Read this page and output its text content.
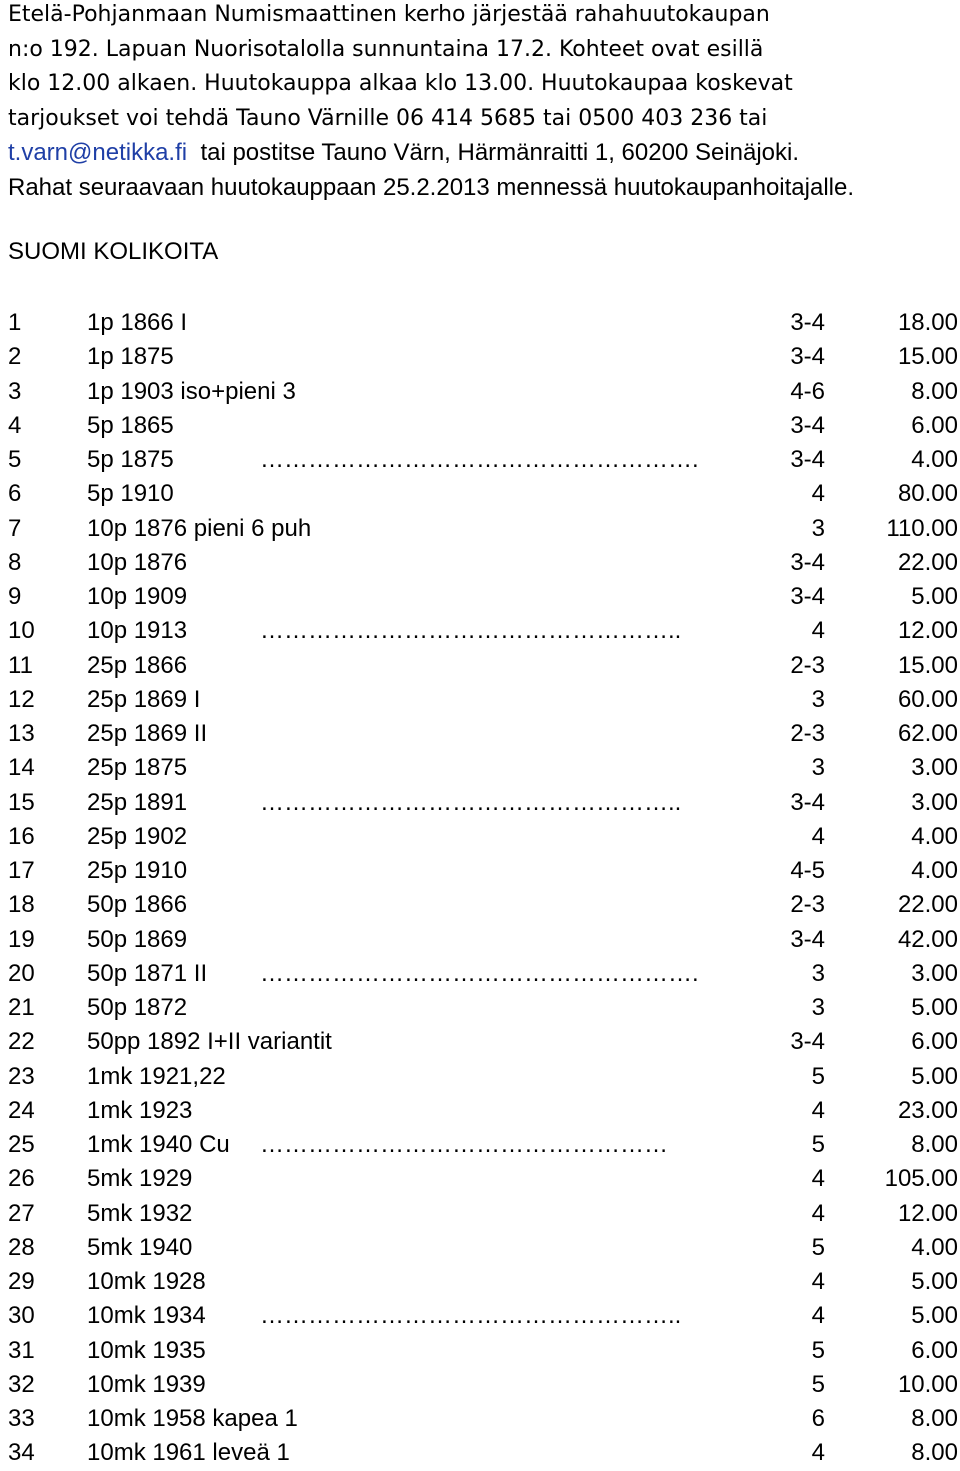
Etelä-Pohjanmaan Numismaattinen kerho järjestää rahahuutokaupan
n:o 192. Lapuan Nuorisotalolla sunnuntaina 17.2. Kohteet ovat esillä
klo 12.00 alkaen. Huutokauppa alkaa klo 13.00. Huutokaupaa koskevat
tarjoukset voi tehdä Tauno Värnille 06 414 5685 tai 0500 403 236 tai
t.varn@netikka.fi  tai postitse Tauno Värn, Härmänraitti 1, 60200 Seinäjoki.
Rahat seuraavaan huutokauppaan 25.2.2013 mennessä huutokaupanhoitajalle.
SUOMI KOLIKOITA
1	1p 1866 I	3-4	18.00
2	1p 1875	3-4	15.00
3	1p 1903 iso+pieni 3	4-6	8.00
4	5p 1865	3-4	6.00
5	5p 1875	……………………………………………….	3-4	4.00
6	5p 1910	4	80.00
7	10p 1876 pieni 6 puh	3	110.00
8	10p 1876	3-4	22.00
9	10p 1909	3-4	5.00
10 10p 1913	……………………………………………..	4	12.00
11 25p 1866	2-3	15.00
12 25p 1869 I	3	60.00
13 25p 1869 II	2-3	62.00
14 25p 1875	3	3.00
15 25p 1891	……………………………………………..	3-4	3.00
16 25p 1902	4	4.00
17 25p 1910	4-5	4.00
18 50p 1866	2-3	22.00
19 50p 1869	3-4	42.00
20 50p 1871 II ……………………………………………….	3	3.00
21 50p 1872	3	5.00
22 50pp 1892 I+II variantit	3-4	6.00
23 1mk 1921,22	5	5.00
24 1mk 1923	4	23.00
25 1mk 1940 Cu ……………………………………………	5	8.00
26 5mk 1929	4 105.00
27 5mk 1932	4	12.00
28 5mk 1940	5	4.00
29 10mk 1928	4	5.00
30 10mk 1934 ……………………………………………..	4	5.00
31 10mk 1935	5	6.00
32 10mk 1939	5	10.00
33 10mk 1958 kapea 1	6	8.00
34 10mk 1961 leveä 1	4	8.00
